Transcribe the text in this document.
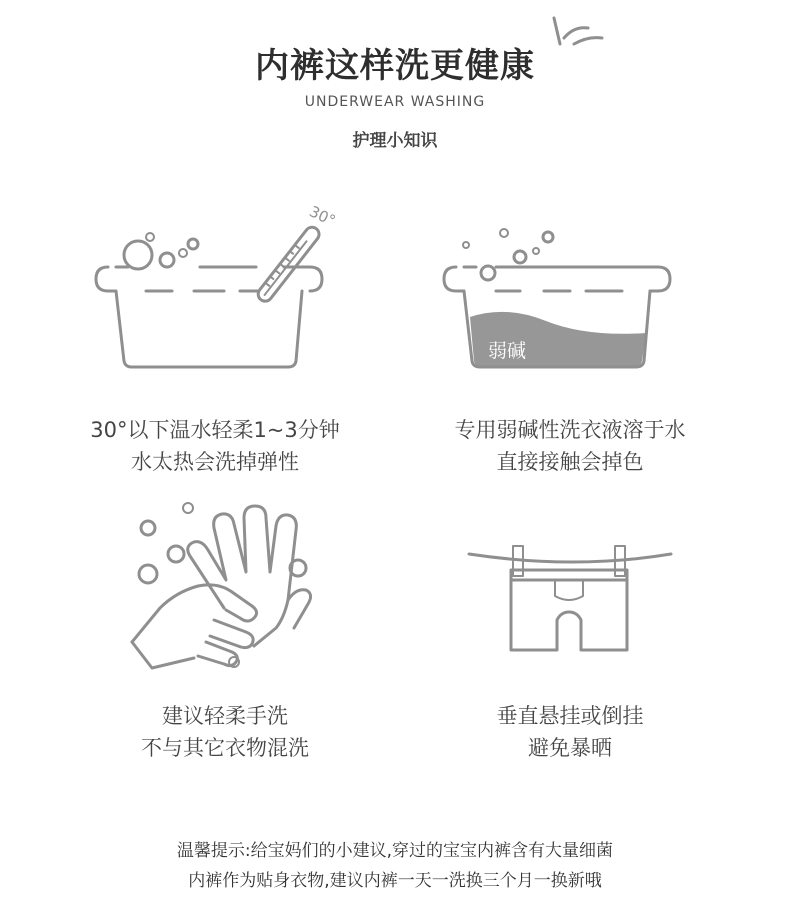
内裤这样洗更健康
UNDERWEAR WASHING
护理小知识
30°
30°以下温水轻柔1~3分钟
水太热会洗掉弹性
弱碱
专用弱碱性洗衣液溶于水
直接接触会掉色
建议轻柔手洗
不与其它衣物混洗
垂直悬挂或倒挂
避免暴晒
温馨提示:给宝妈们的小建议,穿过的宝宝内裤含有大量细菌
内裤作为贴身衣物,建议内裤一天一洗换三个月一换新哦
